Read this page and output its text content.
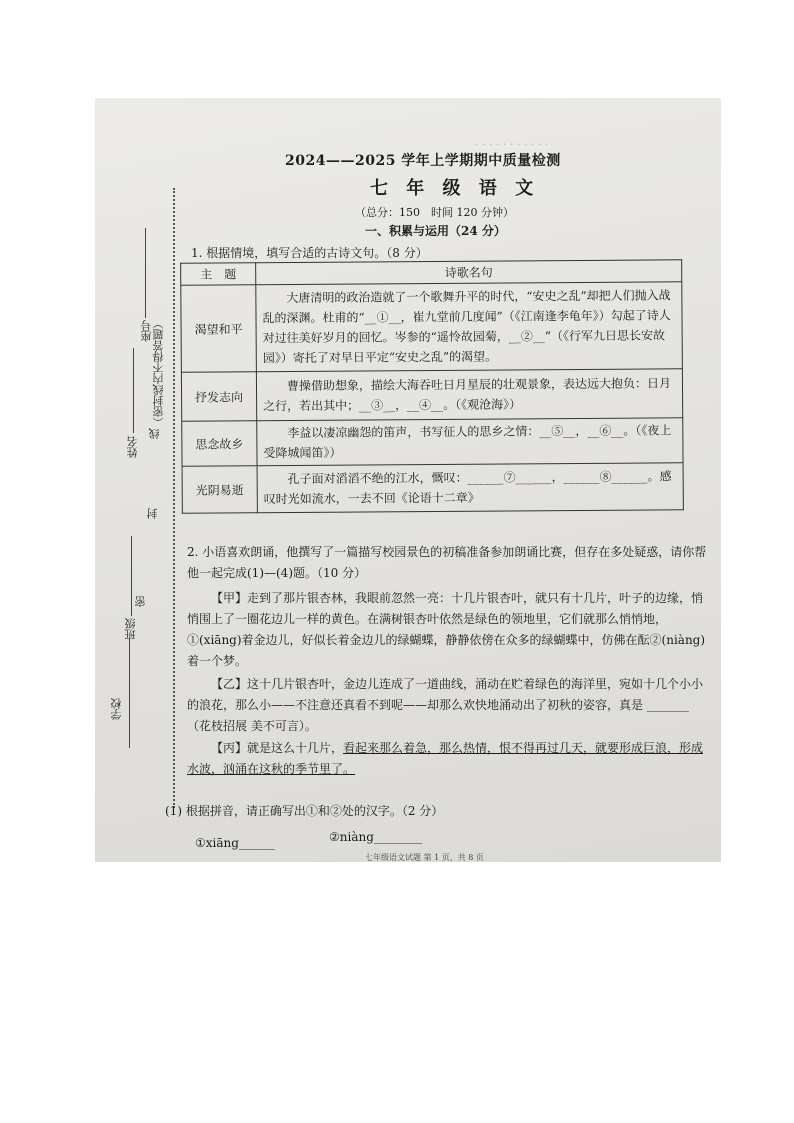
· · · · · · · · · · ·
座号
姓名
班级
学校
（密封线内不得答题）
线
封
密
2024——2025 学年上学期期中质量检测
七 年 级 语 文
（总分：150　时间 120 分钟）
一、积累与运用（24 分）
1. 根据情境，填写合适的古诗文句。（8 分）
主　题	诗歌名句
渴望和平	大唐清明的政治造就了一个歌舞升平的时代，“安史之乱”却把人们抛入战乱的深渊。杜甫的“__①__，崔九堂前几度闻”（《江南逢李龟年》）勾起了诗人对过往美好岁月的回忆。岑参的“遥怜故园菊，__②__”（《行军九日思长安故园》）寄托了对早日平定“安史之乱”的渴望。
抒发志向	曹操借助想象，描绘大海吞吐日月星辰的壮观景象，表达远大抱负：日月之行，若出其中；__③__，__④__。（《观沧海》）
思念故乡	李益以凄凉幽怨的笛声，书写征人的思乡之情：__⑤__，__⑥__。（《夜上受降城闻笛》）
光阴易逝	孔子面对滔滔不绝的江水，慨叹：______⑦______，______⑧______。感叹时光如流水，一去不回《论语十二章》
2. 小语喜欢朗诵，他撰写了一篇描写校园景色的初稿准备参加朗诵比赛，但存在多处疑惑，请你帮他一起完成(1)—(4)题。（10 分）
【甲】走到了那片银杏林，我眼前忽然一亮：十几片银杏叶，就只有十几片，叶子的边缘，悄悄围上了一圈花边儿一样的黄色。在满树银杏叶依然是绿色的领地里，它们就那么悄悄地，①(xiāng)着金边儿，好似长着金边儿的绿蝴蝶，静静依傍在众多的绿蝴蝶中，仿佛在酝②(niàng)着一个梦。
【乙】这十几片银杏叶，金边儿连成了一道曲线，涌动在贮着绿色的海洋里，宛如十几个小小的浪花，那么小——不注意还真看不到呢——却那么欢快地涌动出了初秋的姿容，真是 _______（花枝招展 美不可言）。
【丙】就是这么十几片，看起来那么着急，那么热情，恨不得再过几天，就要形成巨浪，形成水波，汹涌在这秋的季节里了。
(1) 根据拼音，请正确写出①和②处的汉字。（2 分）
①xiāng______	②niàng________
七年级语文试题 第 1 页，共 8 页
